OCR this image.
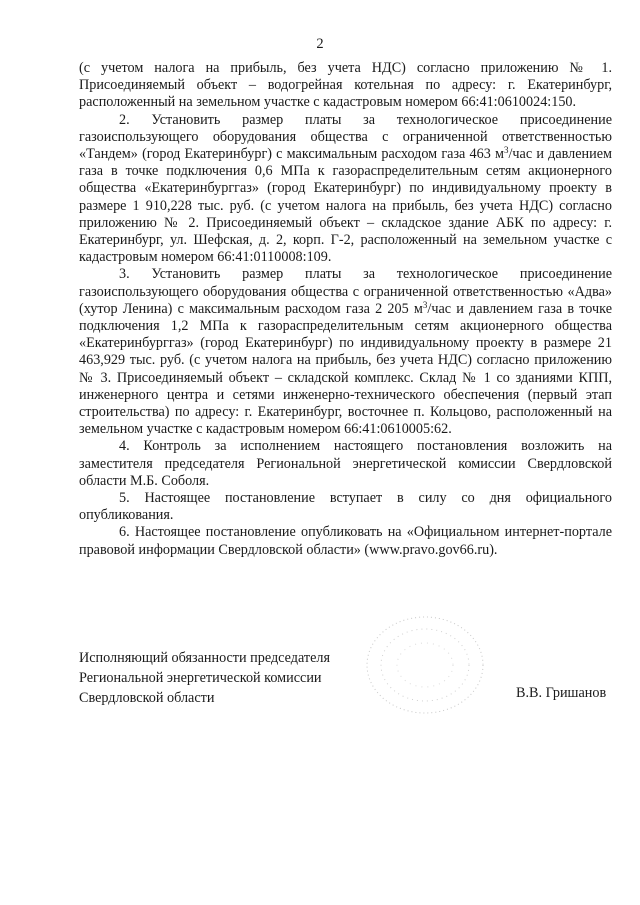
2

(с учетом налога на прибыль, без учета НДС) согласно приложению № 1. Присоединяемый объект – водогрейная котельная по адресу: г. Екатеринбург, расположенный на земельном участке с кадастровым номером 66:41:0610024:150.

2. Установить размер платы за технологическое присоединение газоиспользующего оборудования общества с ограниченной ответственностью «Тандем» (город Екатеринбург) с максимальным расходом газа 463 $м^3$/час и давлением газа в точке подключения 0,6 МПа к газораспределительным сетям акционерного общества «Екатеринбурггаз» (город Екатеринбург) по индивидуальному проекту в размере 1 910,228 тыс. руб. (с учетом налога на прибыль, без учета НДС) согласно приложению № 2. Присоединяемый объект – складское здание АБК по адресу: г. Екатеринбург, ул. Шефская, д. 2, корп. Г-2, расположенный на земельном участке с кадастровым номером 66:41:0110008:109.

3. Установить размер платы за технологическое присоединение газоиспользующего оборудования общества с ограниченной ответственностью «Адва» (хутор Ленина) с максимальным расходом газа 2 205 $м^3$/час и давлением газа в точке подключения 1,2 МПа к газораспределительным сетям акционерного общества «Екатеринбурггаз» (город Екатеринбург) по индивидуальному проекту в размере 21 463,929 тыс. руб. (с учетом налога на прибыль, без учета НДС) согласно приложению № 3. Присоединяемый объект – складской комплекс. Склад № 1 со зданиями КПП, инженерного центра и сетями инженерно-технического обеспечения (первый этап строительства) по адресу: г. Екатеринбург, восточнее п. Кольцово, расположенный на земельном участке с кадастровым номером 66:41:0610005:62.

4. Контроль за исполнением настоящего постановления возложить на заместителя председателя Региональной энергетической комиссии Свердловской области М.Б. Соболя.

5. Настоящее постановление вступает в силу со дня официального опубликования.

6. Настоящее постановление опубликовать на «Официальном интернет-портале правовой информации Свердловской области» (www.pravo.gov66.ru).

Исполняющий обязанности председателя
Региональной энергетической комиссии
Свердловской области	В.В. Гришанов
